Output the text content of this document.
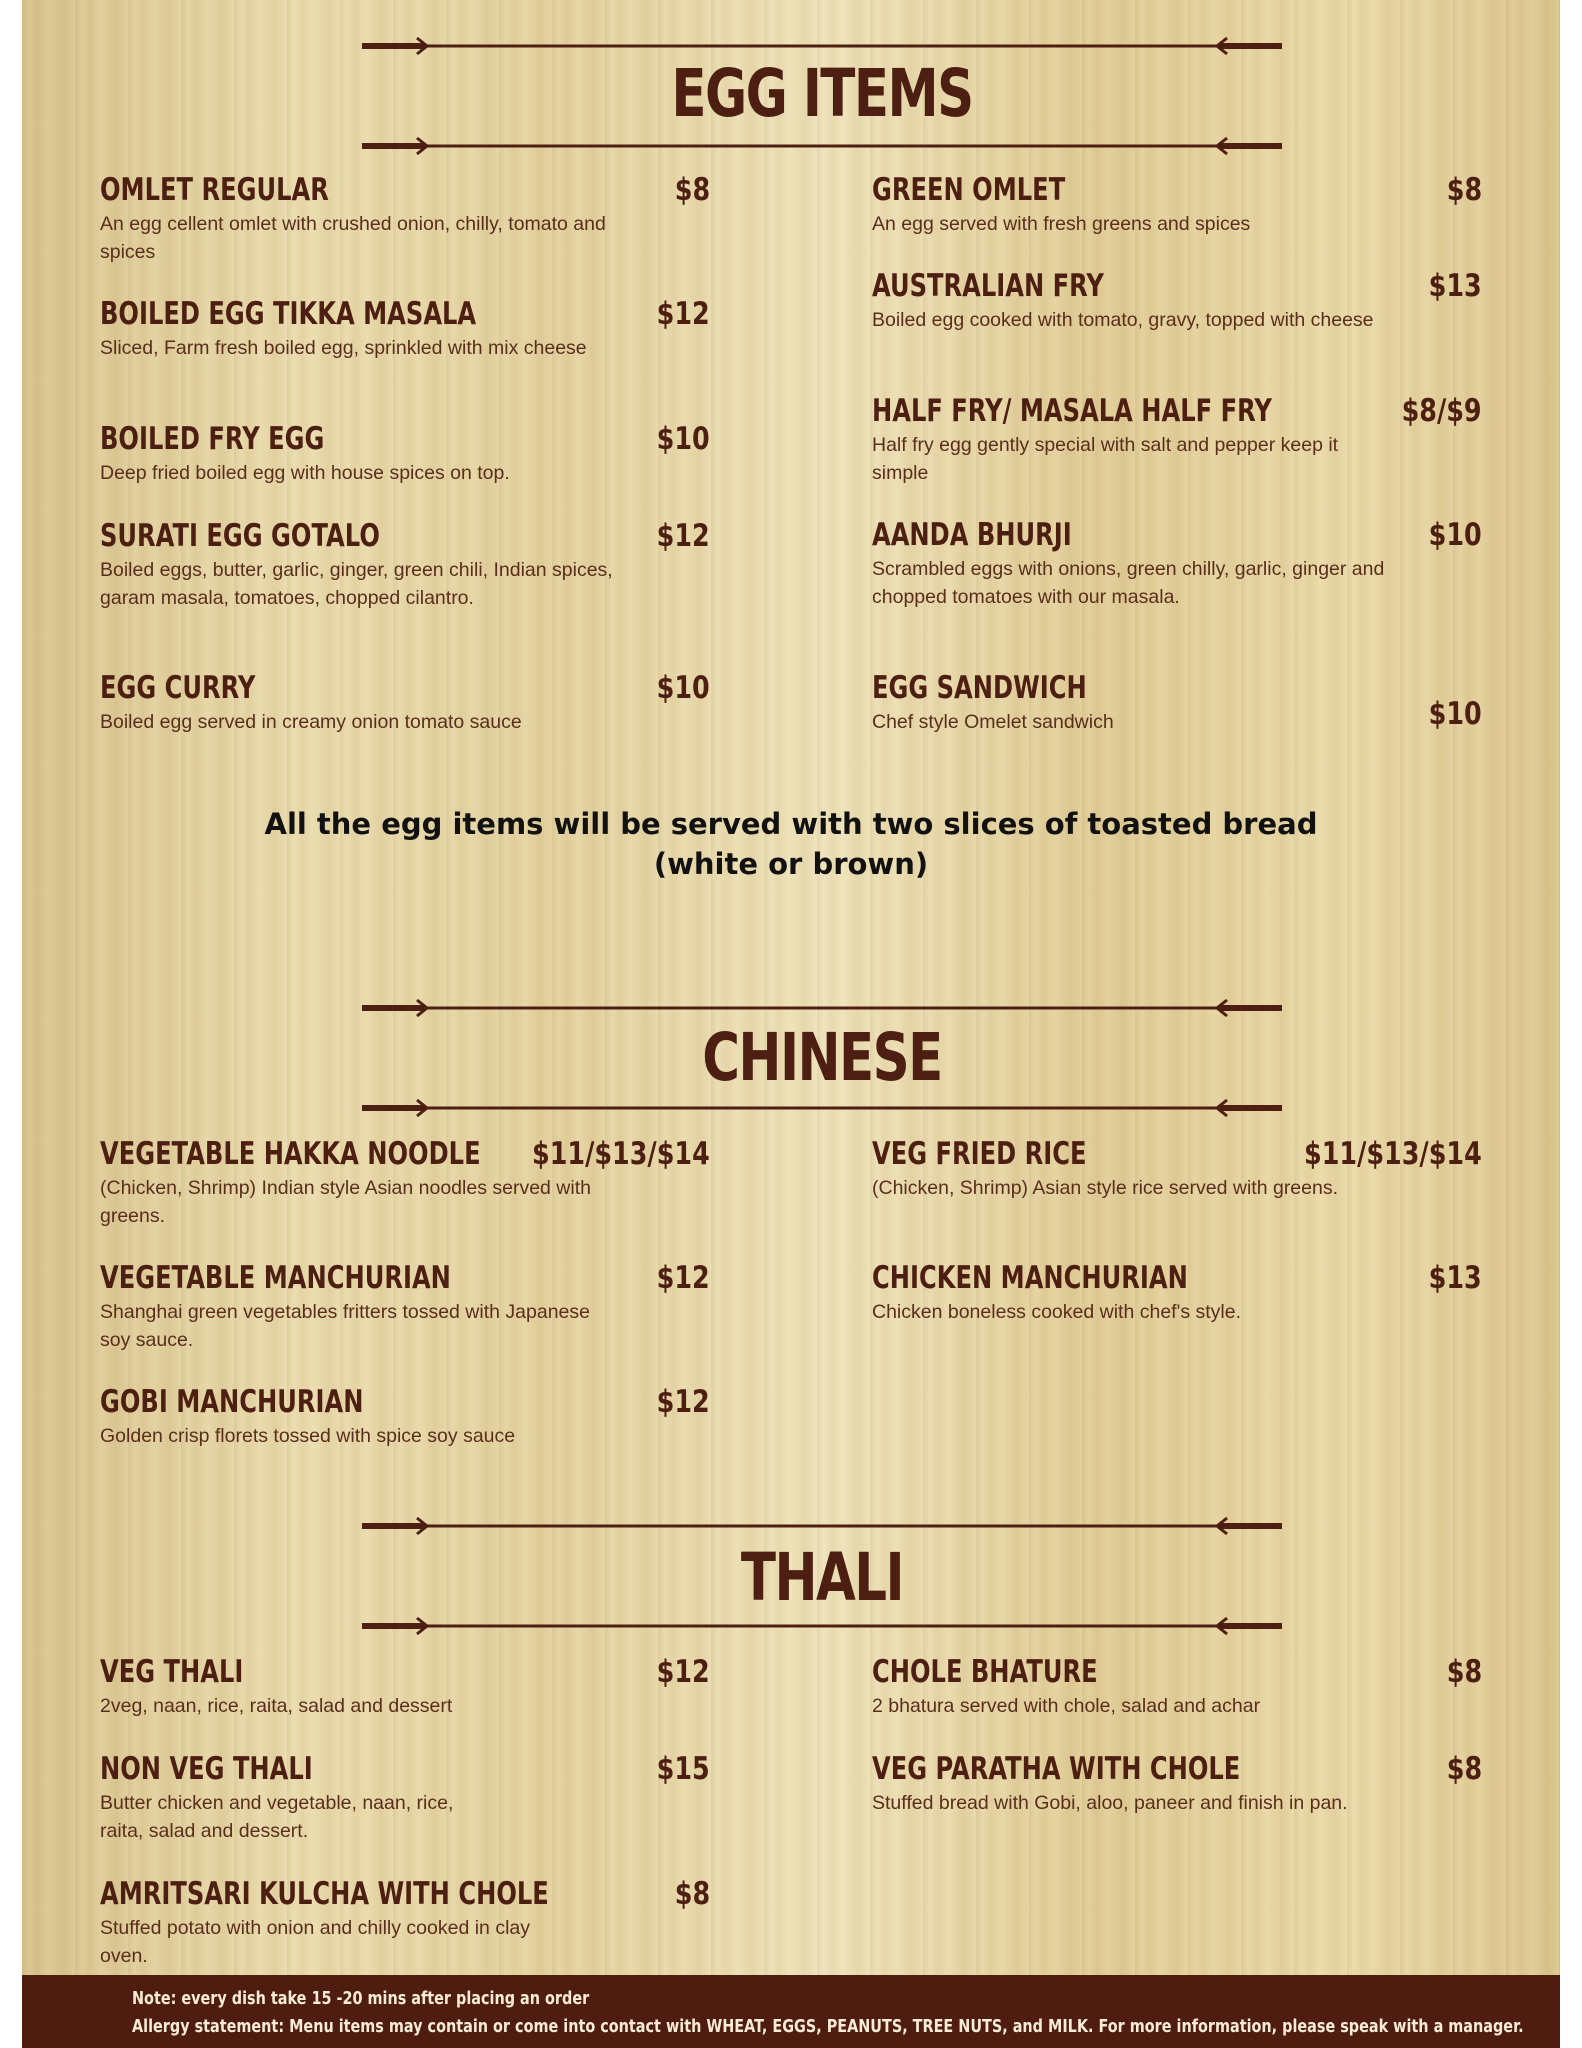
EGG ITEMS
OMLET REGULAR	$8
An egg cellent omlet with crushed onion, chilly, tomato and spices
BOILED EGG TIKKA MASALA	$12
Sliced, Farm fresh boiled egg, sprinkled with mix cheese
BOILED FRY EGG	$10
Deep fried boiled egg with house spices on top.
SURATI EGG GOTALO	$12
Boiled eggs, butter, garlic, ginger, green chili, Indian spices, garam masala, tomatoes, chopped cilantro.
EGG CURRY	$10
Boiled egg served in creamy onion tomato sauce
GREEN OMLET	$8
An egg served with fresh greens and spices
AUSTRALIAN FRY	$13
Boiled egg cooked with tomato, gravy, topped with cheese
HALF FRY/ MASALA HALF FRY	$8/$9
Half fry egg gently special with salt and pepper keep it simple
AANDA BHURJI	$10
Scrambled eggs with onions, green chilly, garlic, ginger and chopped tomatoes with our masala.
EGG SANDWICH
$10
Chef style Omelet sandwich
All the egg items will be served with two slices of toasted bread
(white or brown)
CHINESE
VEGETABLE HAKKA NOODLE $11/$13/$14
(Chicken, Shrimp) Indian style Asian noodles served with greens.
VEGETABLE MANCHURIAN	$12
Shanghai green vegetables fritters tossed with Japanese soy sauce.
GOBI MANCHURIAN	$12
Golden crisp florets tossed with spice soy sauce
VEG FRIED RICE	$11/$13/$14
(Chicken, Shrimp) Asian style rice served with greens.
CHICKEN MANCHURIAN	$13
Chicken boneless cooked with chef's style.
THALI
VEG THALI	$12
2veg, naan, rice, raita, salad and dessert
NON VEG THALI	$15
Butter chicken and vegetable, naan, rice, raita, salad and dessert.
AMRITSARI KULCHA WITH CHOLE	$8
Stuffed potato with onion and chilly cooked in clay oven.
CHOLE BHATURE	$8
2 bhatura served with chole, salad and achar
VEG PARATHA WITH CHOLE	$8
Stuffed bread with Gobi, aloo, paneer and finish in pan.
Note: every dish take 15 -20 mins after placing an order
Allergy statement: Menu items may contain or come into contact with WHEAT, EGGS, PEANUTS, TREE NUTS, and MILK. For more information, please speak with a manager.
